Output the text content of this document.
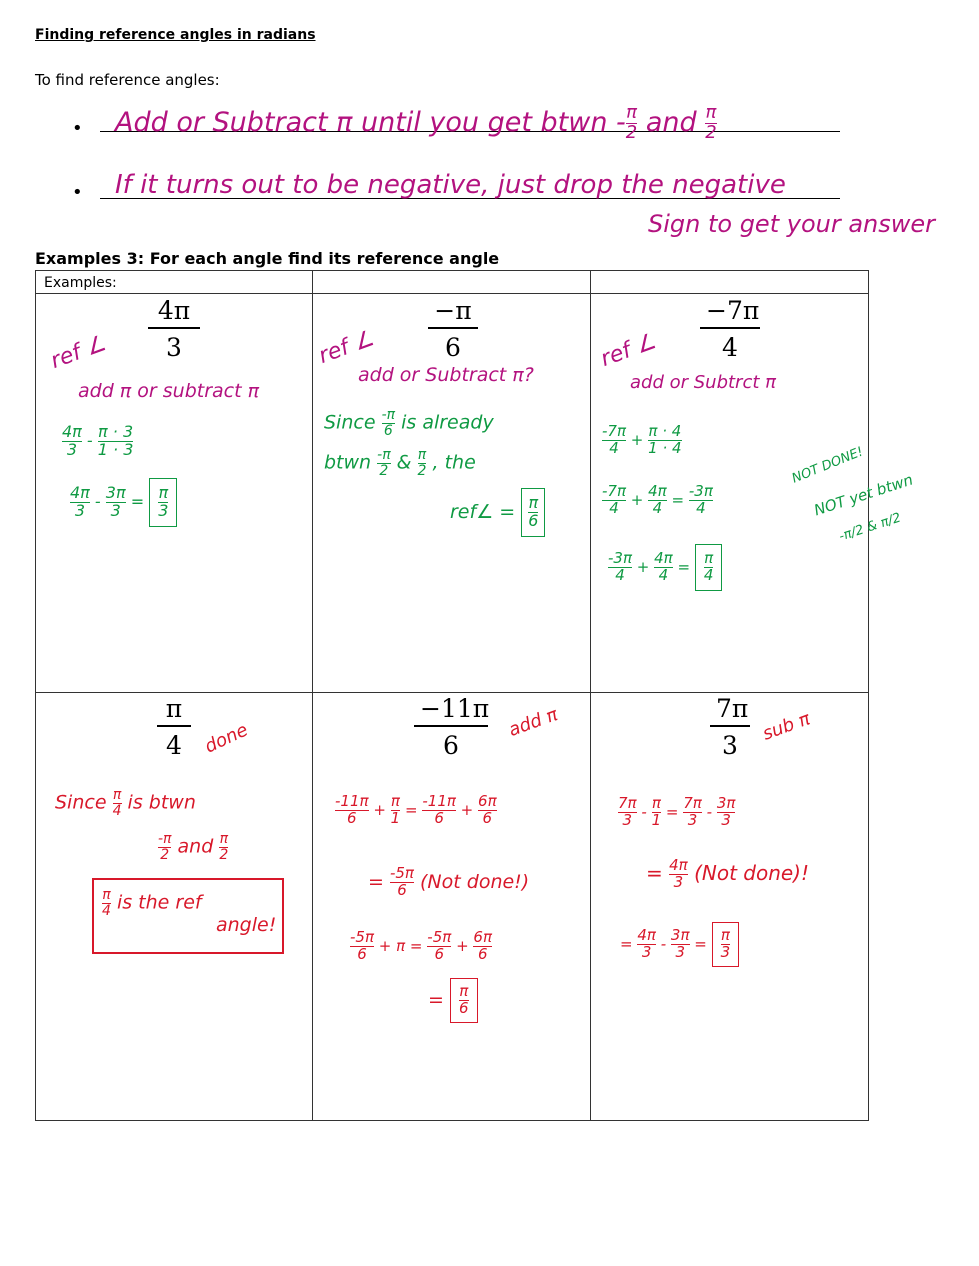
Finding reference angles in radians
To find reference angles:
• Add or Subtract π until you get btwn - $\frac{\pi}{2}$ and $\frac{\pi}{2}$
• If it turns out to be negative, just drop the negative
Sign to get your answer
Examples 3: For each angle find its reference angle
Examples:
4π
3
ref ∠
add π or subtract π
$\frac{4\pi}{3} - \frac{\pi \cdot 3}{1 \cdot 3}$
$\frac{4\pi}{3} - \frac{3\pi}{3} = \frac{\pi}{3}$
−π
6
ref ∠
add or Subtract π?
Since $\frac{-\pi}{6}$ is already
btwn $\frac{-\pi}{2}$ & $\frac{\pi}{2}$ , the
ref∠ = $\frac{\pi}{6}$
−7π
4
ref ∠
add or Subtrct π
$\frac{-7\pi}{4} + \frac{\pi \cdot 4}{1 \cdot 4}$
$\frac{-7\pi}{4} + \frac{4\pi}{4} = \frac{-3\pi}{4}$
NOT DONE!
NOT yet btwn
-π/2 & π/2
$\frac{-3\pi}{4} + \frac{4\pi}{4} = \frac{\pi}{4}$
π
4	done
Since $\frac{\pi}{4}$ is btwn
$\frac{-\pi}{2}$ and $\frac{\pi}{2}$
$\frac{\pi}{4}$ is the ref
angle!
−11π
6
add π
$\frac{-11\pi}{6} + \frac{\pi}{1} = \frac{-11\pi}{6} + \frac{6\pi}{6}$
= $\frac{-5\pi}{6} (Not$ done!)
$\frac{-5\pi}{6} + \pi = \frac{-5\pi}{6} + \frac{6\pi}{6}$
= $\frac{\pi}{6}$
7π
3
sub π
$\frac{7\pi}{3} - \frac{\pi}{1} = \frac{7\pi}{3} - \frac{3\pi}{3}$
= $\frac{4\pi}{3} (Not$ done)!
= $\frac{4\pi}{3} - \frac{3\pi}{3} = \frac{\pi}{3}$
